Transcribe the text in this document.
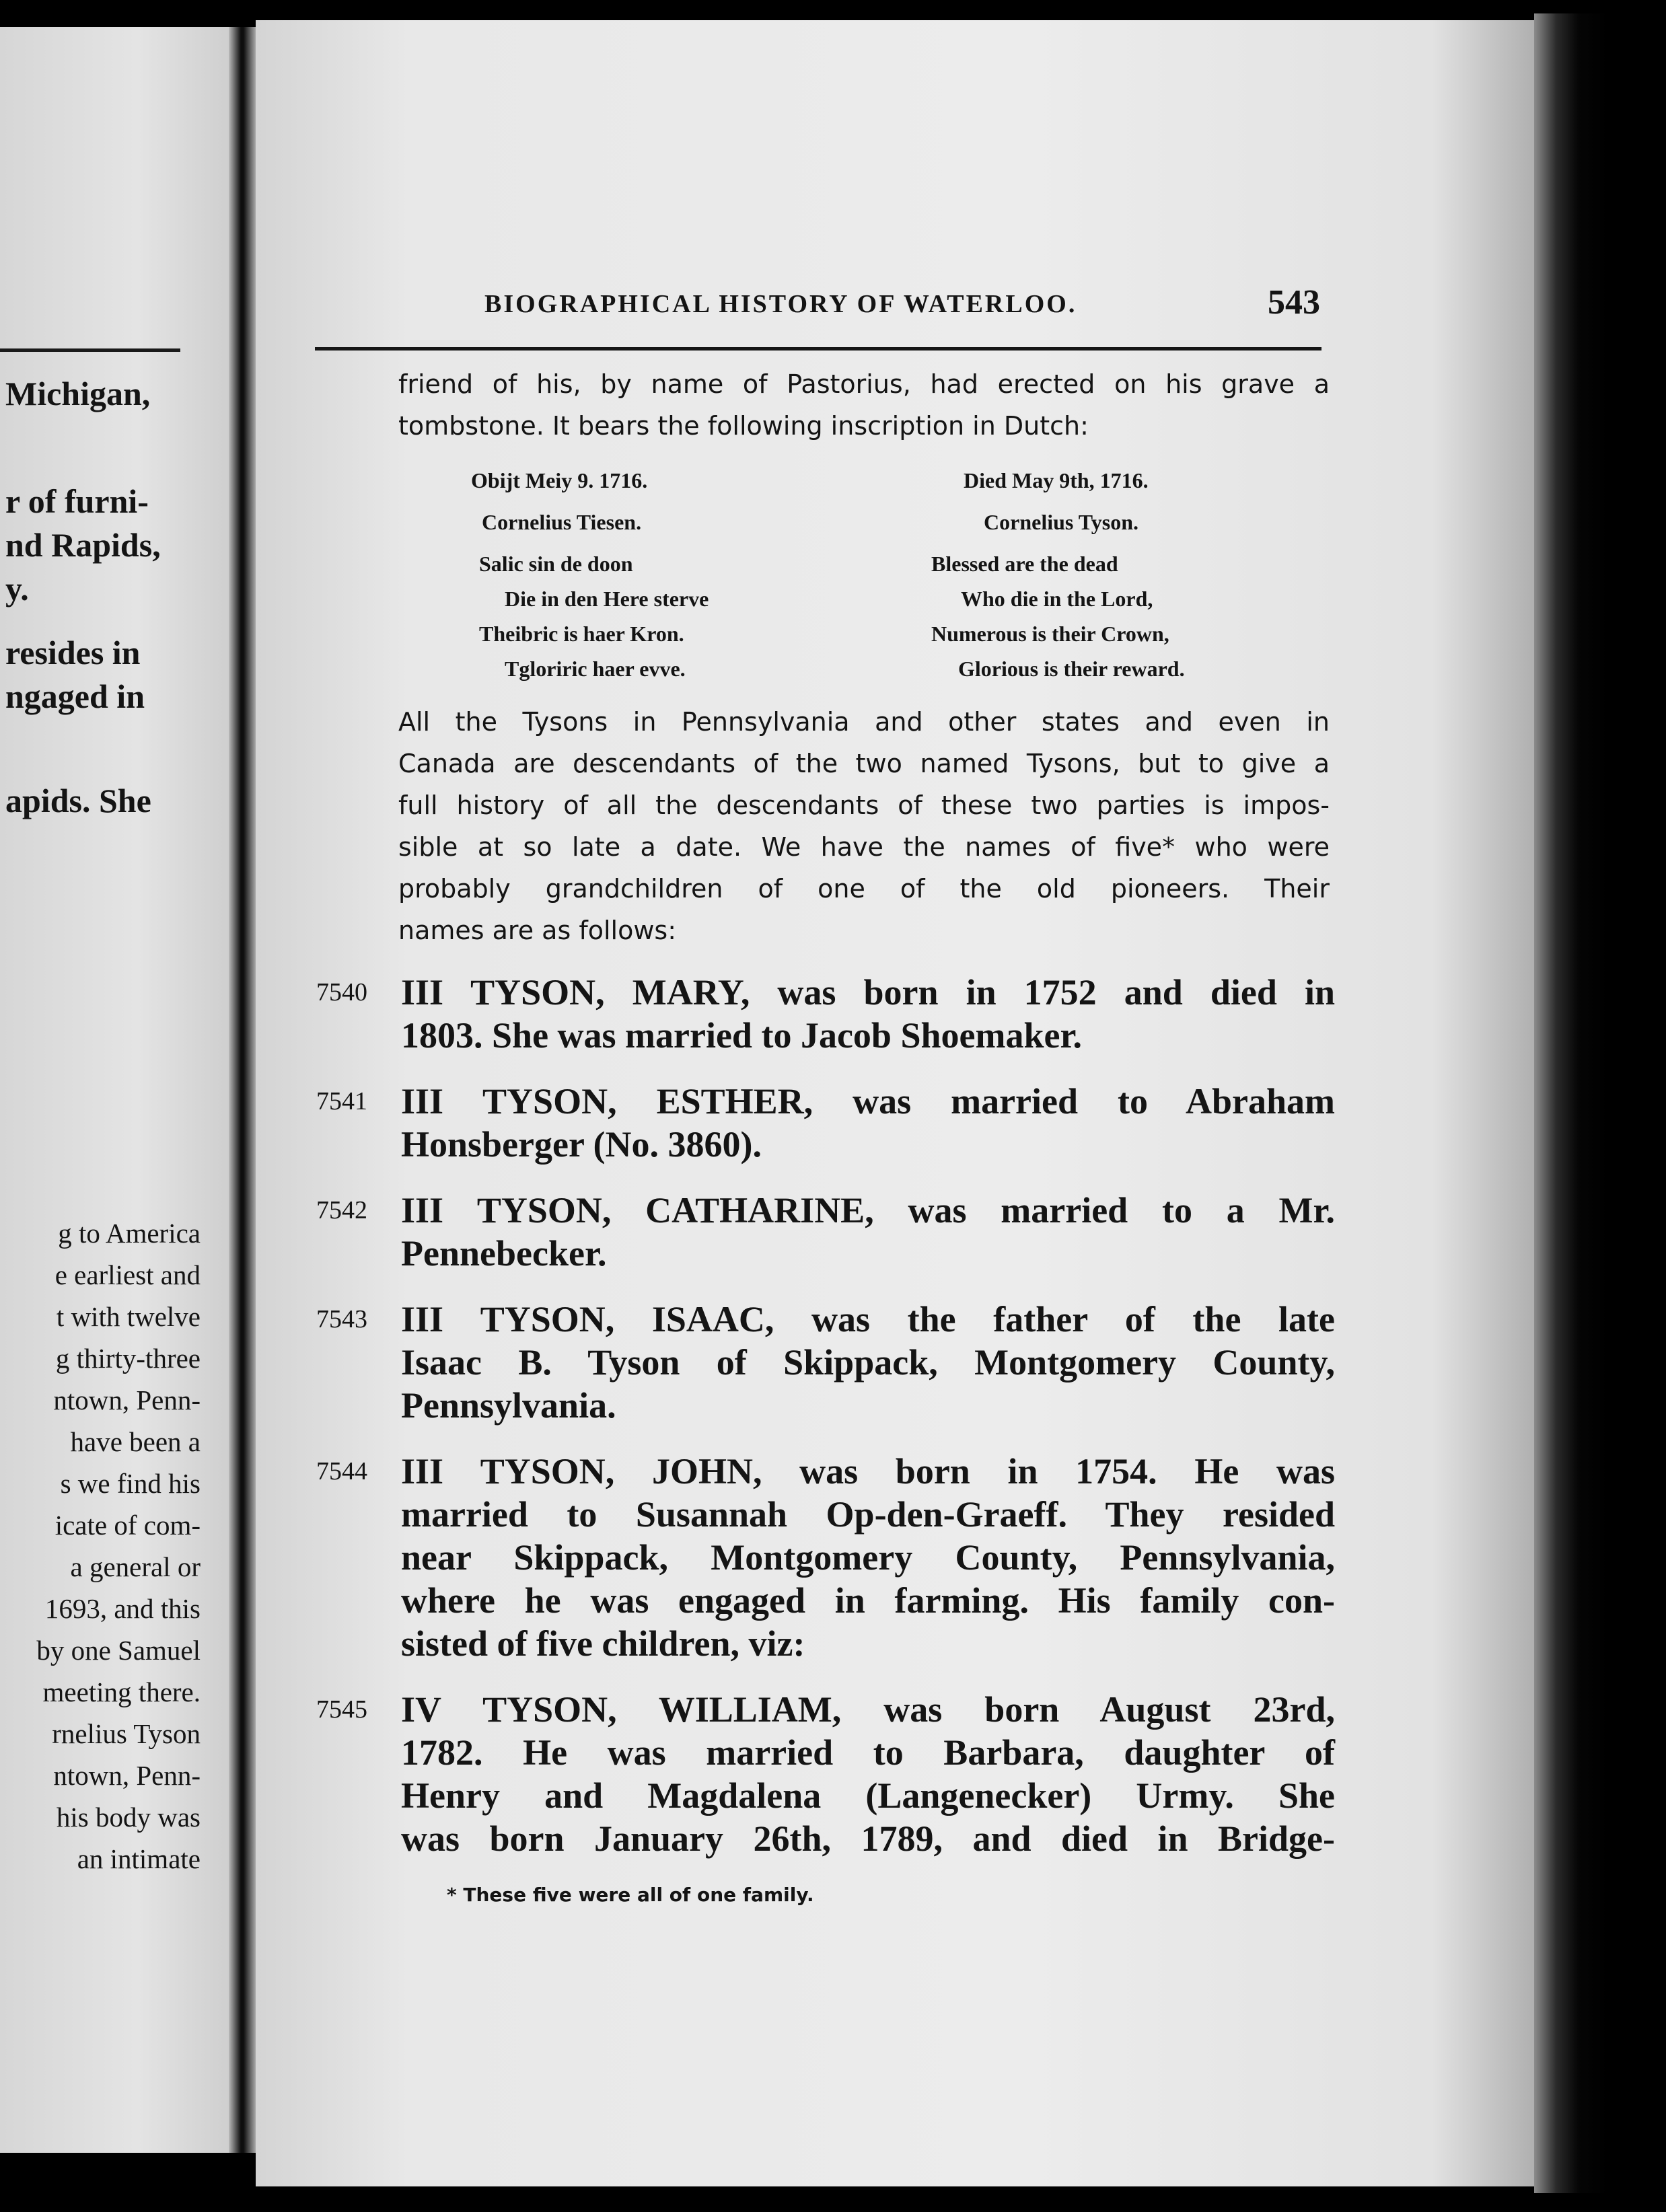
Michigan,
r of furni-
nd Rapids,
y.
resides in
ngaged in
apids. She
g to America
e earliest and
t with twelve
g thirty-three
ntown, Penn-
have been a
s we find his
icate of com-
a general or
1693, and this
by one Samuel
meeting there.
rnelius Tyson
ntown, Penn-
his body was
an intimate
BIOGRAPHICAL HISTORY OF WATERLOO.	543
friend of his, by name of Pastorius, had erected on his grave a
tombstone. It bears the following inscription in Dutch:
Obijt Meiy 9. 1716.
Cornelius Tiesen.
Salic sin de doon
Die in den Here sterve
Theibric is haer Kron.
Tgloriric haer evve.
Died May 9th, 1716.
Cornelius Tyson.
Blessed are the dead
Who die in the Lord,
Numerous is their Crown,
Glorious is their reward.
All the Tysons in Pennsylvania and other states and even in
Canada are descendants of the two named Tysons, but to give a
full history of all the descendants of these two parties is impos-
sible at so late a date. We have the names of five* who were
probably grandchildren of one of the old pioneers. Their
names are as follows:
7540 III TYSON, MARY, was born in 1752 and died in
1803. She was married to Jacob Shoemaker.
7541 III TYSON, ESTHER, was married to Abraham
Honsberger (No. 3860).
7542 III TYSON, CATHARINE, was married to a Mr.
Pennebecker.
7543 III TYSON, ISAAC, was the father of the late
Isaac B. Tyson of Skippack, Montgomery County,
Pennsylvania.
7544 III TYSON, JOHN, was born in 1754. He was
married to Susannah Op-den-Graeff. They resided
near Skippack, Montgomery County, Pennsylvania,
where he was engaged in farming. His family con-
sisted of five children, viz:
7545 IV TYSON, WILLIAM, was born August 23rd,
1782. He was married to Barbara, daughter of
Henry and Magdalena (Langenecker) Urmy. She
was born January 26th, 1789, and died in Bridge-
* These five were all of one family.
